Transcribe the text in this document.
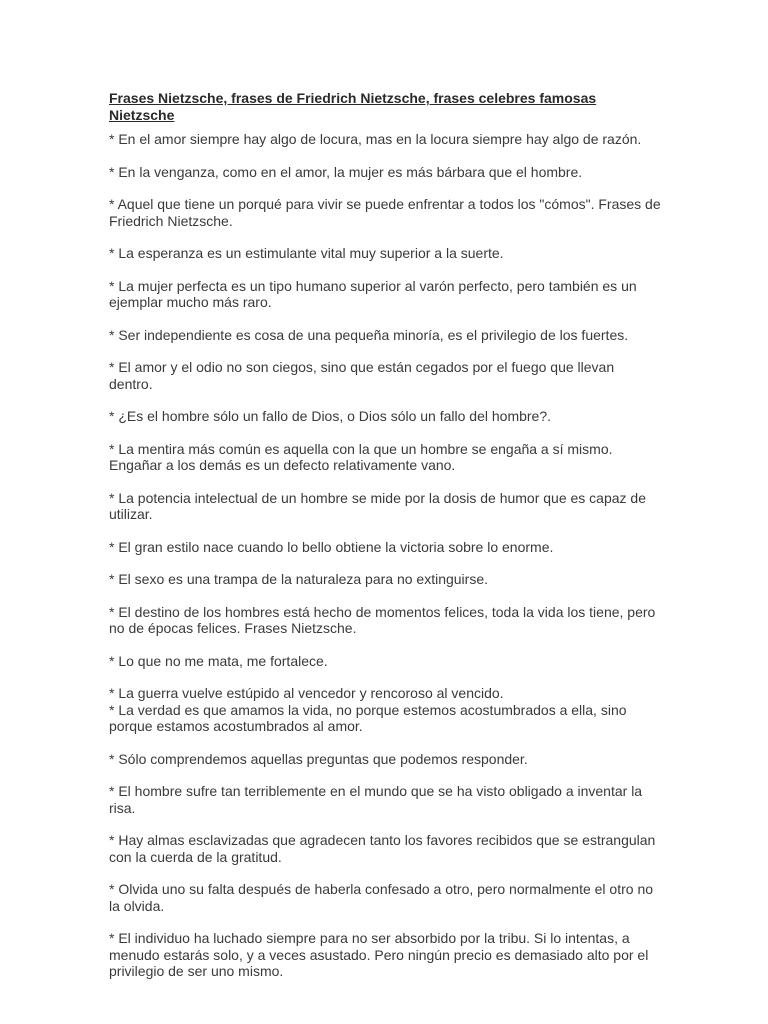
Frases Nietzsche, frases de Friedrich Nietzsche, frases celebres famosas Nietzsche
* En el amor siempre hay algo de locura, mas en la locura siempre hay algo de razón.
* En la venganza, como en el amor, la mujer es más bárbara que el hombre.
* Aquel que tiene un porqué para vivir se puede enfrentar a todos los "cómos". Frases de Friedrich Nietzsche.
* La esperanza es un estimulante vital muy superior a la suerte.
* La mujer perfecta es un tipo humano superior al varón perfecto, pero también es un ejemplar mucho más raro.
* Ser independiente es cosa de una pequeña minoría, es el privilegio de los fuertes.
* El amor y el odio no son ciegos, sino que están cegados por el fuego que llevan dentro.
* ¿Es el hombre sólo un fallo de Dios, o Dios sólo un fallo del hombre?.
* La mentira más común es aquella con la que un hombre se engaña a sí mismo. Engañar a los demás es un defecto relativamente vano.
* La potencia intelectual de un hombre se mide por la dosis de humor que es capaz de utilizar.
* El gran estilo nace cuando lo bello obtiene la victoria sobre lo enorme.
* El sexo es una trampa de la naturaleza para no extinguirse.
* El destino de los hombres está hecho de momentos felices, toda la vida los tiene, pero no de épocas felices. Frases Nietzsche.
* Lo que no me mata, me fortalece.
* La guerra vuelve estúpido al vencedor y rencoroso al vencido.
* La verdad es que amamos la vida, no porque estemos acostumbrados a ella, sino porque estamos acostumbrados al amor.
* Sólo comprendemos aquellas preguntas que podemos responder.
* El hombre sufre tan terriblemente en el mundo que se ha visto obligado a inventar la risa.
* Hay almas esclavizadas que agradecen tanto los favores recibidos que se estrangulan con la cuerda de la gratitud.
* Olvida uno su falta después de haberla confesado a otro, pero normalmente el otro no la olvida.
* El individuo ha luchado siempre para no ser absorbido por la tribu. Si lo intentas, a menudo estarás solo, y a veces asustado. Pero ningún precio es demasiado alto por el privilegio de ser uno mismo.
